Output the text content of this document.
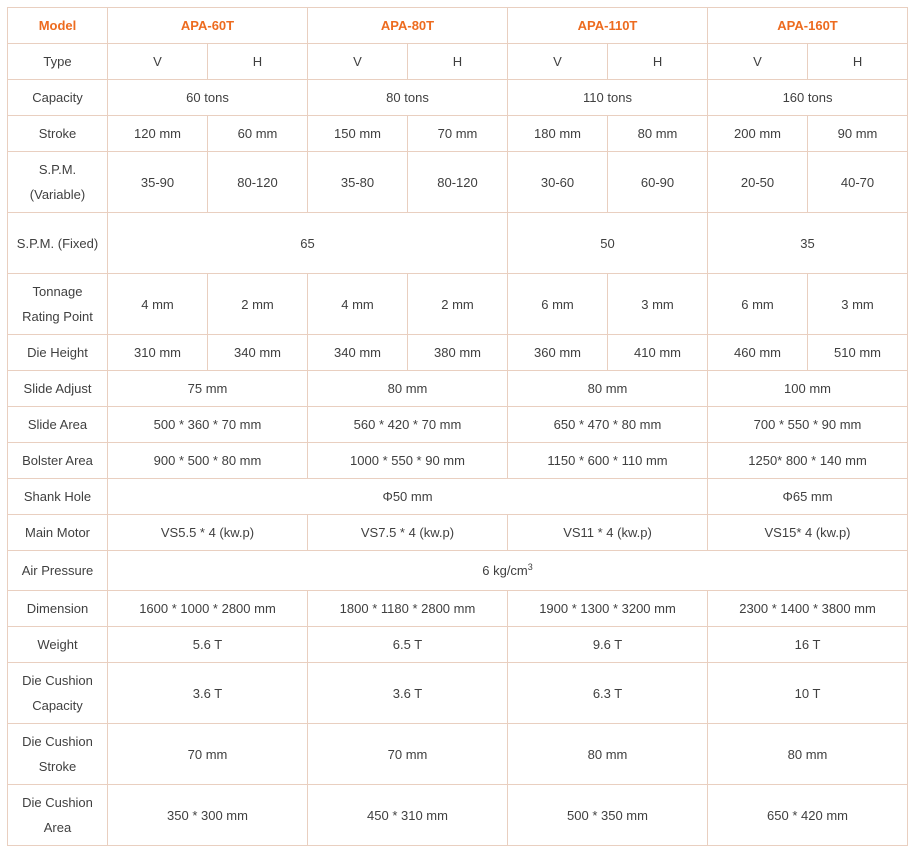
Model	APA-60T		APA-80T		APA-110T		APA-160T	
Type	V	H	V	H	V	H	V	H
Capacity	60 tons		80 tons		110 tons		160 tons	
Stroke	120 mm	60 mm	150 mm	70 mm	180 mm	80 mm	200 mm	90 mm
S.P.M.
(Variable)	35-90	80-120	35-80	80-120	30-60	60-90	20-50	40-70
S.P.M. (Fixed)	65				50		35	
Tonnage
Rating Point	4 mm	2 mm	4 mm	2 mm	6 mm	3 mm	6 mm	3 mm
Die Height	310 mm	340 mm	340 mm	380 mm	360 mm	410 mm	460 mm	510 mm
Slide Adjust	75 mm		80 mm		80 mm		100 mm	
Slide Area	500 * 360 * 70 mm		560 * 420 * 70 mm		650 * 470 * 80 mm		700 * 550 * 90 mm	
Bolster Area	900 * 500 * 80 mm		1000 * 550 * 90 mm		1150 * 600 * 110 mm		1250* 800 * 140 mm	
Shank Hole	Φ50 mm						Φ65 mm	
Main Motor	VS5.5 * 4 (kw.p)		VS7.5 * 4 (kw.p)		VS11 * 4 (kw.p)		VS15* 4 (kw.p)	
Air Pressure	6 $kg/cm^3$
Dimension	1600 * 1000 * 2800 mm		1800 * 1180 * 2800 mm		1900 * 1300 * 3200 mm		2300 * 1400 * 3800 mm	
Weight	5.6 T		6.5 T		9.6 T		16 T	
Die Cushion
Capacity	3.6 T		3.6 T		6.3 T		10 T	
Die Cushion
Stroke	70 mm		70 mm		80 mm		80 mm	
Die Cushion
Area	350 * 300 mm		450 * 310 mm		500 * 350 mm		650 * 420 mm	
